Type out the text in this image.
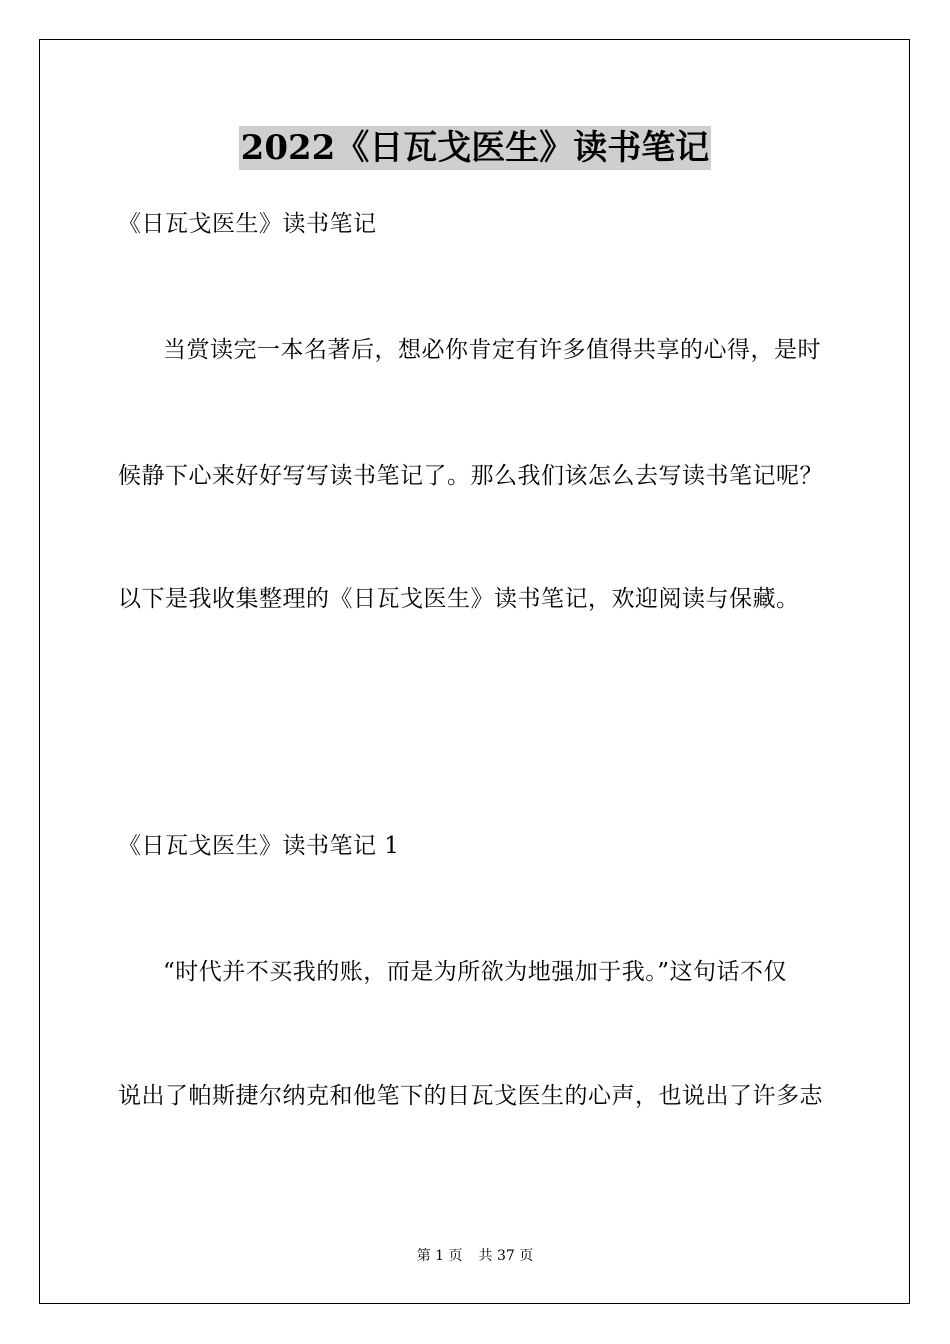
2022《日瓦戈医生》读书笔记
《日瓦戈医生》读书笔记
当赏读完一本名著后，想必你肯定有许多值得共享的心得，是时
候静下心来好好写写读书笔记了。那么我们该怎么去写读书笔记呢？
以下是我收集整理的《日瓦戈医生》读书笔记，欢迎阅读与保藏。
《日瓦戈医生》读书笔记 1
“时代并不买我的账，而是为所欲为地强加于我。”这句话不仅
说出了帕斯捷尔纳克和他笔下的日瓦戈医生的心声，也说出了许多志
第 1 页 共 37 页
